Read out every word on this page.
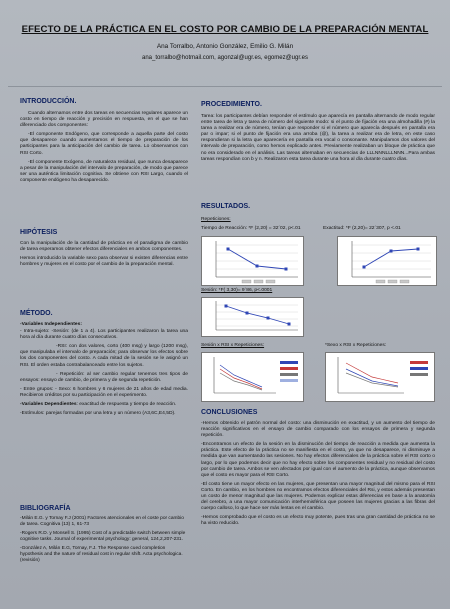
EFECTO DE LA PRÁCTICA EN EL COSTO POR CAMBIO DE LA PREPARACIÓN MENTAL
Ana Torralbo, Antonio González, Emilio G. Milán
ana_torralbo@hotmail.com, agonzal@ugr.es, egomez@ugr.es
INTRODUCCIÓN.

Cuando alternamos entre dos tareas en secuencias regulares aparece un costo en tiempo de reacción y precisión en respuesta, en el que se han diferenciado dos componentes:

-El componente Endógeno, que corresponde a aquella parte del costo que desaparece cuando aumentamos el tiempo de preparación de los participantes para la anticipación del cambio de tarea. Lo observamos con RSI Corto.

-El componente Exógeno, de naturaleza residual, que nunca desaparece a pesar de la manipulación del intervalo de preparación, de modo que parece ser una auténtica limitación cognitiva. Se obtiene con RSI Largo, cuando el componente endógeno ha desaparecido.

HIPÓTESIS

Con la manipulación de la cantidad de práctica en el paradigma de cambio de tarea esperamos obtener efectos diferenciales en ambos componentes.

Hemos introducido la variable sexo para observar si existen diferencias entre hombres y mujeres en el costo por el cambio de la preparación mental.

MÉTODO.

-Variables Independientes:

- Intra-sujeto: -Sesión: (de 1 a 4). Los participantes realizaron la tarea una hora al día durante cuatro días consecutivos.

-RSI: con dos valores, corto (400 msg) y largo (1200 msg), que manipulaba el intervalo de preparación; para observar los efectos sobre los dos componentes del costo. A cada mitad de la sesión se le asignó un RSI. El orden estaba contrabalanceado entre los sujetos.

- Repetición: al ser cambio regular tenemos tres tipos de ensayos: ensayo de cambio, de primera y de segunda repetición.

- Entre grupos: - Sexo: 6 hombres y 6 mujeres de 21 años de edad media. Recibieron créditos por su participación en el experimento.

-Variables Dependientes: exactitud de respuesta y tiempo de reacción.

-Estímulos: parejas formadas por una letra y un número (A3,6C,E4,5D).

BIBLIOGRAFÍA

-Milán E.G. y Tornay F.J (2001) Factores atencionales en el coste por cambio de tarea. Cognitiva (13) 1, 61-73

-Rogers R.D. y Monsell S. (1995) Cost of a predictable switch between simple cognitive tasks. Journal of experimental psychology: general, 124,2,207-231.

-González A, Milán E.G, Tornay, F.J. The Response cued completion hypothesis and the nature of residual cost in regular shift. Acta psychologica. (revisión)

PROCEDIMIENTO.

Tarea: los participantes debían responder el estímulo que aparecía en pantalla alternando de modo regular entre tarea de letra y tarea de número del siguiente modo: si el punto de fijación era una almohadilla (#) la tarea a realizar era de número, tenían que responder si el número que aparecía después en pantalla era par o impar; si el punto de fijación era una arroba (@), la tarea a realizar era de letra, en este caso respondieran si la letra que aparecería en pantalla era vocal o consonante. Manipulamos dos valores del intervalo de preparación, como hemos explicado antes. Previamente realizaban un bloque de práctica que no era considerado en el análisis. Las tareas alternaban en secuencias de LLLNNNLLLNNN...Para ambas tareas respondían con b y n. Realizaron esta tarea durante una hora al día durante cuatro días.

RESULTADOS.
Repeticiones:
Tiempo de Reacción: *F (2,20) = 32´02, p<.01	Exactitud: *F (2,20)= 22´307, p <.01
Sesión: *F( 3,30)= 9´86, p<.0001
Sesión x RSI x Repeticiones:	*Sexo x RSI x Repeticiones:
CONCLUSIONES

-Hemos obtenido el patrón normal del costo: una disminución en exactitud, y un aumento del tiempo de reacción significativos en el ensayo de cambio comparado con los ensayos de primera y segunda repetición.

-Encontramos un efecto de la sesión en la disminución del tiempo de reacción a medida que aumenta la práctica. Este efecto de la práctica no se manifiesta en el costo, ya que no desaparece, ni disminuye a medida que van aumentando las sesiones. No hay efectos diferenciales de la práctica sobre el RSI corto o largo, por lo que podemos decir que no hay efecto sobre los componentes residual y no residual del costo por cambio de tarea. Ambos se ven afectados por igual con el aumento de la práctica, aunque observamos que el costo es mayor para el RSI Corto.

-El costo tiene un mayor efecto en las mujeres, que presentan una mayor magnitud del mismo para el RSI Corto. En cambio, en los hombres no encontramos efectos diferenciales del Rsi, y estos además presentan un costo de menor magnitud que las mujeres. Podemos explicar estas diferencias en base a la anatomía del cerebro, a una mayor comunicación interhemisférica que poseen las mujeres gracias a las fibras del cuerpo calloso, lo que hace ser más lentas en el cambio.

-Hemos comprobado que el costo es un efecto muy potente, pues tras una gran cantidad de práctica no se ha visto reducido.
